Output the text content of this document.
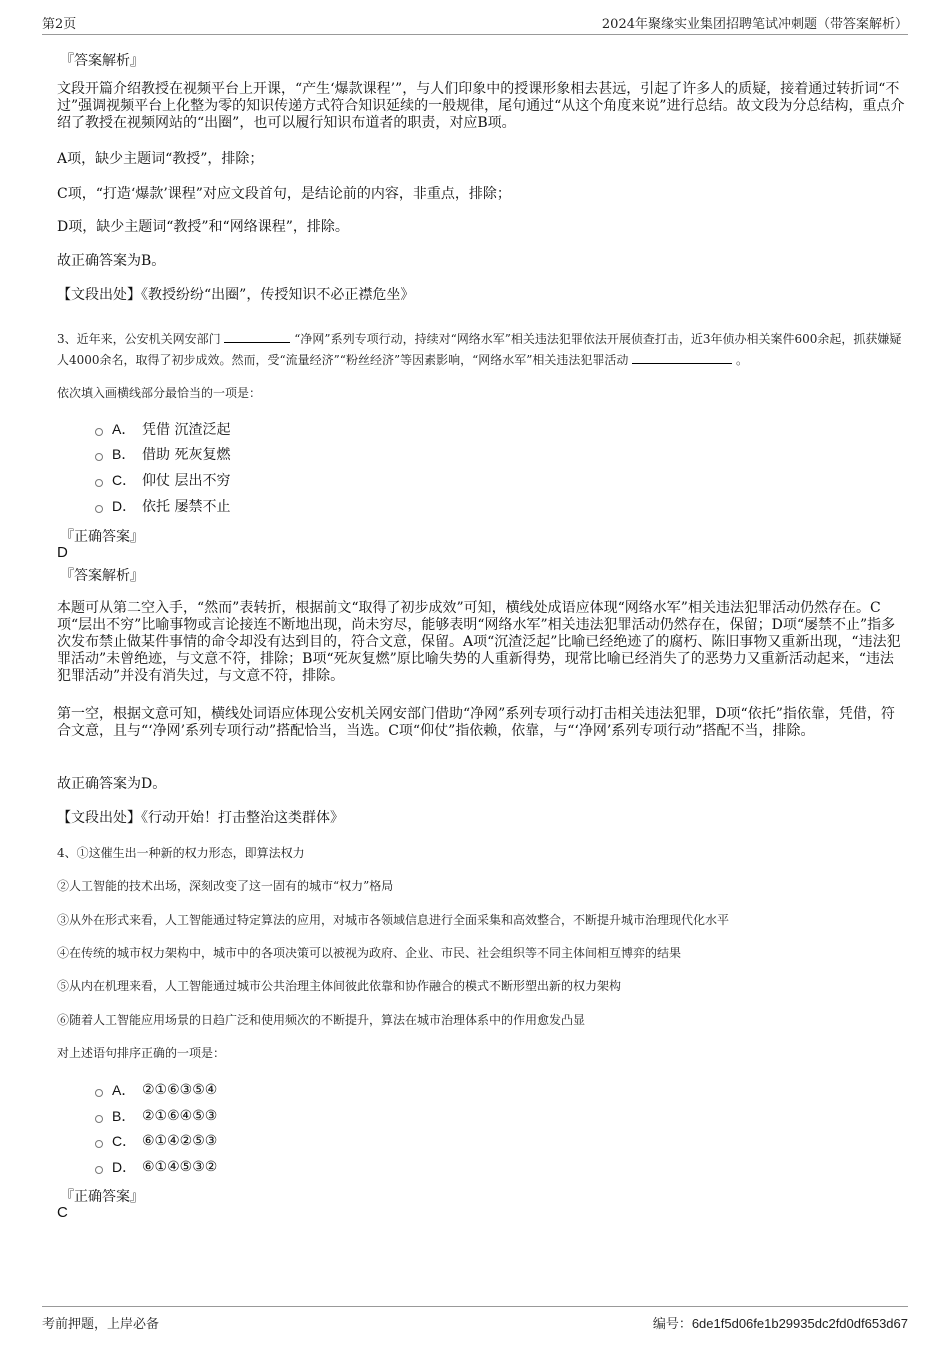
第2页	2024年聚缘实业集团招聘笔试冲刺题（带答案解析）
『答案解析』
文段开篇介绍教授在视频平台上开课，“产生‘爆款课程’”，与人们印象中的授课形象相去甚远，引起了许多人的质疑，接着通过转折词“不过”强调视频平台上化整为零的知识传递方式符合知识延续的一般规律，尾句通过“从这个角度来说”进行总结。故文段为分总结构，重点介绍了教授在视频网站的“出圈”，也可以履行知识布道者的职责，对应B项。
A项，缺少主题词“教授”，排除；
C项，“打造‘爆款’课程”对应文段首句，是结论前的内容，非重点，排除；
D项，缺少主题词“教授”和“网络课程”，排除。
故正确答案为B。
【文段出处】《教授纷纷“出圈”，传授知识不必正襟危坐》
3、近年来，公安机关网安部门	“净网”系列专项行动，持续对“网络水军”相关违法犯罪依法开展侦查打击，近3年侦办相关案件600余起，抓获嫌疑人4000余名，取得了初步成效。然而，受“流量经济”“粉丝经济”等因素影响，“网络水军”相关违法犯罪活动	。
依次填入画横线部分最恰当的一项是：
A． 凭借 沉渣泛起
B． 借助 死灰复燃
C． 仰仗 层出不穷
D． 依托 屡禁不止
『正确答案』
D
『答案解析』
本题可从第二空入手，“然而”表转折，根据前文“取得了初步成效”可知，横线处成语应体现“网络水军”相关违法犯罪活动仍然存在。C项“层出不穷”比喻事物或言论接连不断地出现，尚未穷尽，能够表明“网络水军”相关违法犯罪活动仍然存在，保留；D项“屡禁不止”指多次发布禁止做某件事情的命令却没有达到目的，符合文意，保留。A项“沉渣泛起”比喻已经绝迹了的腐朽、陈旧事物又重新出现，“违法犯罪活动”未曾绝迹，与文意不符，排除；B项“死灰复燃”原比喻失势的人重新得势，现常比喻已经消失了的恶势力又重新活动起来，“违法犯罪活动”并没有消失过，与文意不符，排除。
第一空，根据文意可知，横线处词语应体现公安机关网安部门借助“净网”系列专项行动打击相关违法犯罪，D项“依托”指依靠，凭借，符合文意，且与“‘净网’系列专项行动”搭配恰当，当选。C项“仰仗”指依赖，依靠，与“‘净网’系列专项行动”搭配不当，排除。
故正确答案为D。
【文段出处】《行动开始！打击整治这类群体》
4、①这催生出一种新的权力形态，即算法权力
②人工智能的技术出场，深刻改变了这一固有的城市“权力”格局
③从外在形式来看，人工智能通过特定算法的应用，对城市各领域信息进行全面采集和高效整合，不断提升城市治理现代化水平
④在传统的城市权力架构中，城市中的各项决策可以被视为政府、企业、市民、社会组织等不同主体间相互博弈的结果
⑤从内在机理来看，人工智能通过城市公共治理主体间彼此依靠和协作融合的模式不断形塑出新的权力架构
⑥随着人工智能应用场景的日趋广泛和使用频次的不断提升，算法在城市治理体系中的作用愈发凸显
对上述语句排序正确的一项是：
A． ②①⑥③⑤④
B． ②①⑥④⑤③
C． ⑥①④②⑤③
D． ⑥①④⑤③②
『正确答案』
C
考前押题，上岸必备	编号：6de1f5d06fe1b29935dc2fd0df653d67
